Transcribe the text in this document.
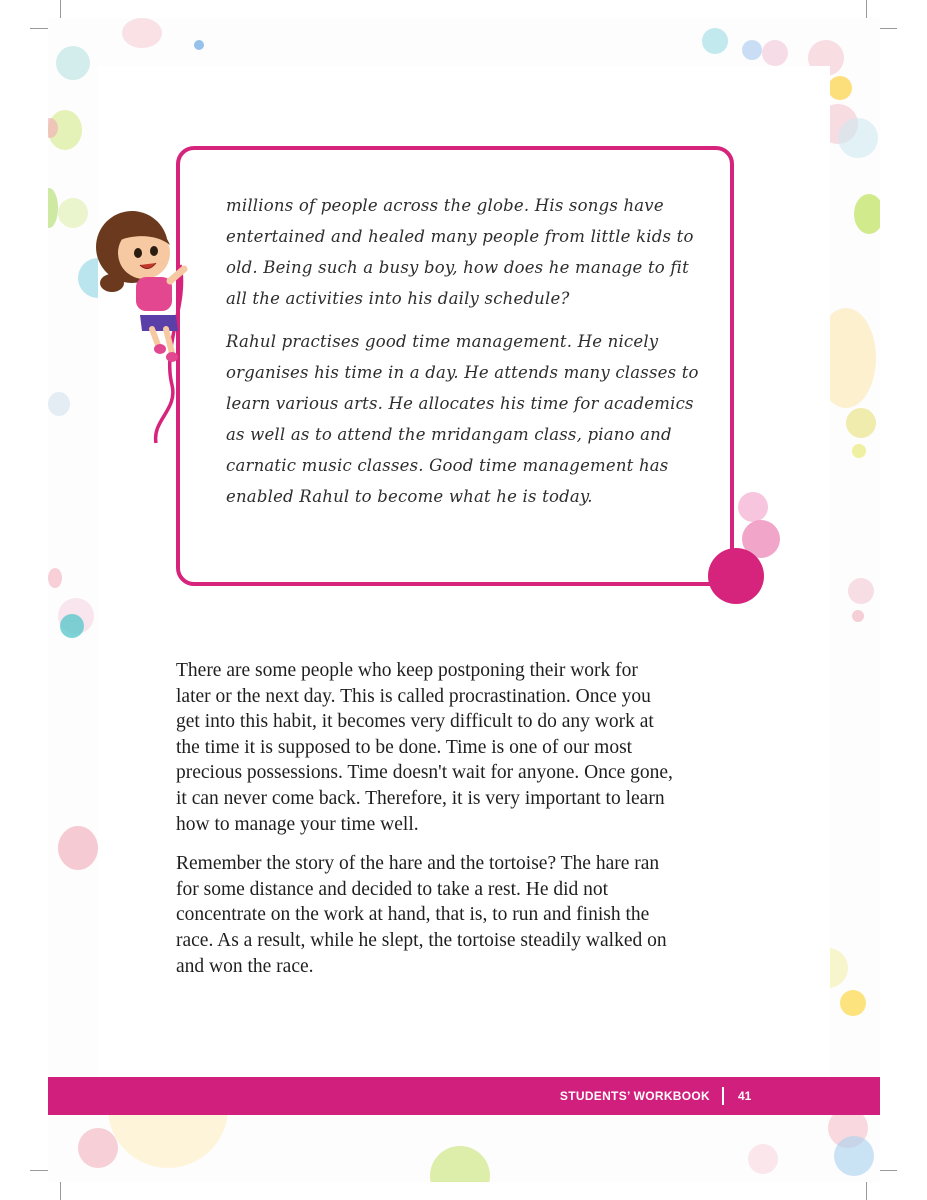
millions of people across the globe. His songs have entertained and healed many people from little kids to old. Being such a busy boy, how does he manage to fit all the activities into his daily schedule?

Rahul practises good time management. He nicely organises his time in a day. He attends many classes to learn various arts. He allocates his time for academics as well as to attend the mridangam class, piano and carnatic music classes. Good time management has enabled Rahul to become what he is today.

There are some people who keep postponing their work for later or the next day. This is called procrastination. Once you get into this habit, it becomes very difficult to do any work at the time it is supposed to be done. Time is one of our most precious possessions. Time doesn't wait for anyone. Once gone, it can never come back. Therefore, it is very important to learn how to manage your time well.

Remember the story of the hare and the tortoise? The hare ran for some distance and decided to take a rest. He did not concentrate on the work at hand, that is, to run and finish the race. As a result, while he slept, the tortoise steadily walked on and won the race.

STUDENTS’ WORKBOOK 41
